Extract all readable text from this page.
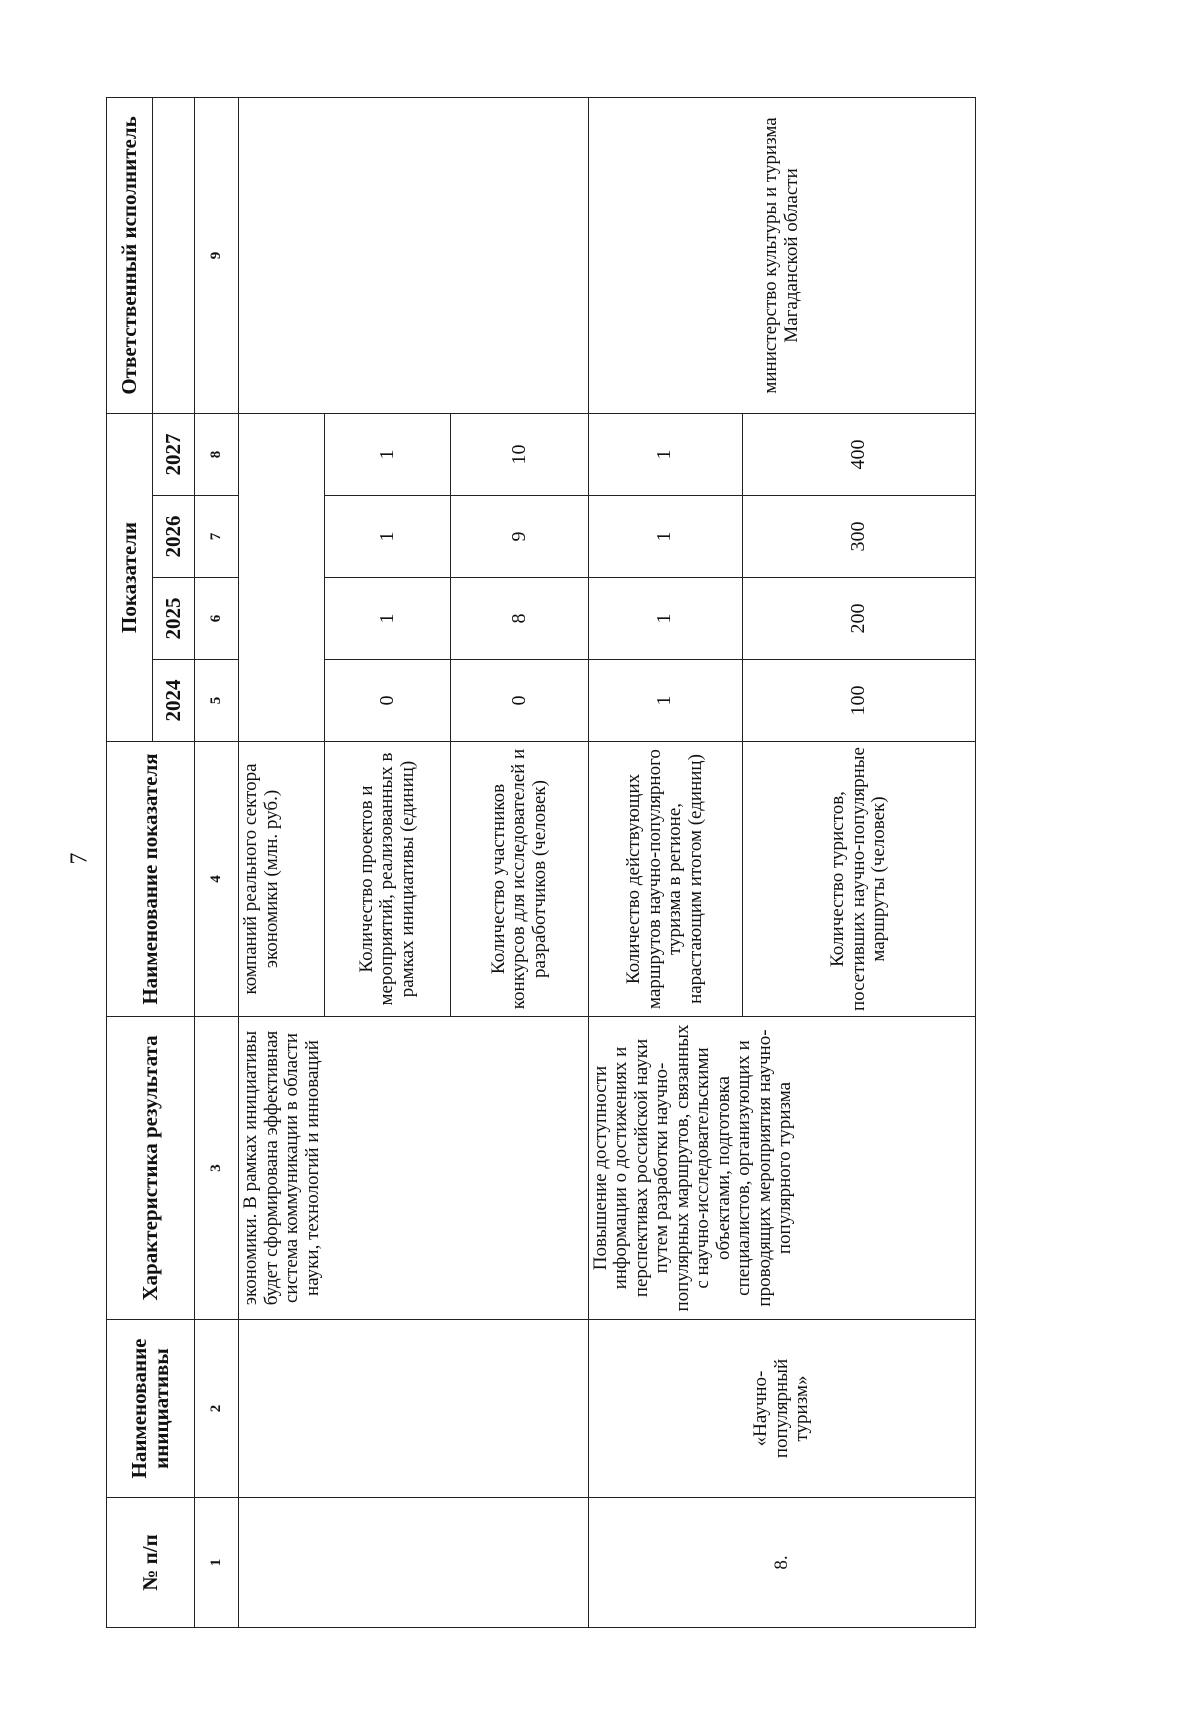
7
№ п/п	Наименование инициативы	Характеристика результата	Наименование показателя	Показатели				Ответственный исполнитель
				2024	2025	2026	2027	
1	2	3	4	5	6	7	8	9
		экономики. В рамках инициативы будет сформирована эффективная система коммуникации в области науки, технологий и инноваций	компаний реального сектора экономики (млн. руб.)					
			Количество проектов и мероприятий, реализованных в рамках инициативы (единиц)	0	1	1	1	
			Количество участников конкурсов для исследователей и разработчиков (человек)	0	8	9	10	
8.	«Научно-популярный туризм»	Повышение доступности информации о достижениях и перспективах российской науки путем разработки научно-популярных маршрутов, связанных с научно-исследовательскими объектами, подготовка специалистов, организующих и проводящих мероприятия научно-популярного туризма	Количество действующих маршрутов научно-популярного туризма в регионе, нарастающим итогом (единиц)	1	1	1	1	министерство культуры и туризма Магаданской области
			Количество туристов, посетивших научно-популярные маршруты (человек)	100	200	300	400	
